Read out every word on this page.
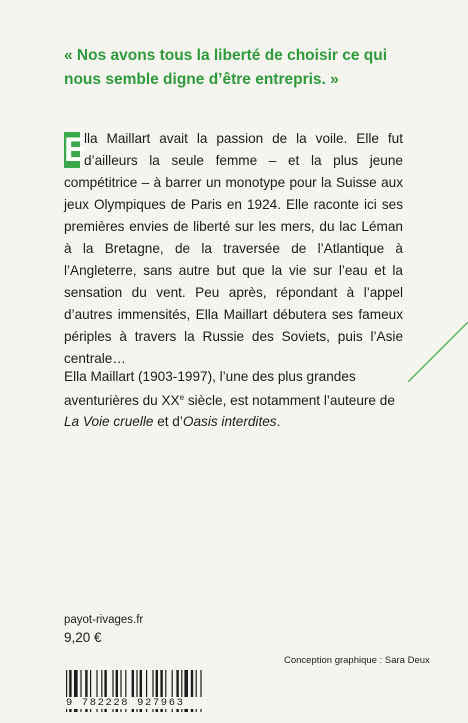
« Nos avons tous la liberté de choisir ce qui
nous semble digne d’être entrepris. »

E
lla Maillart avait la passion de la voile. Elle fut d’ailleurs la seule femme – et la plus jeune compétitrice – à barrer un monotype pour la Suisse aux jeux Olympiques de Paris en 1924. Elle raconte ici ses premières envies de liberté sur les mers, du lac Léman à la Bretagne, de la traversée de l’Atlantique à l’Angleterre, sans autre but que la vie sur l’eau et la sensation du vent. Peu après, répondant à l’appel d’autres immensités, Ella Maillart débutera ses fameux périples à travers la Russie des Soviets, puis l’Asie centrale…

Ella Maillart (1903-1997), l’une des plus grandes aventurières du XXe siècle, est notamment l’auteure de La Voie cruelle et d’Oasis interdites.

payot-rivages.fr
9,20 €
Conception graphique : Sara Deux
9 782228 927963
